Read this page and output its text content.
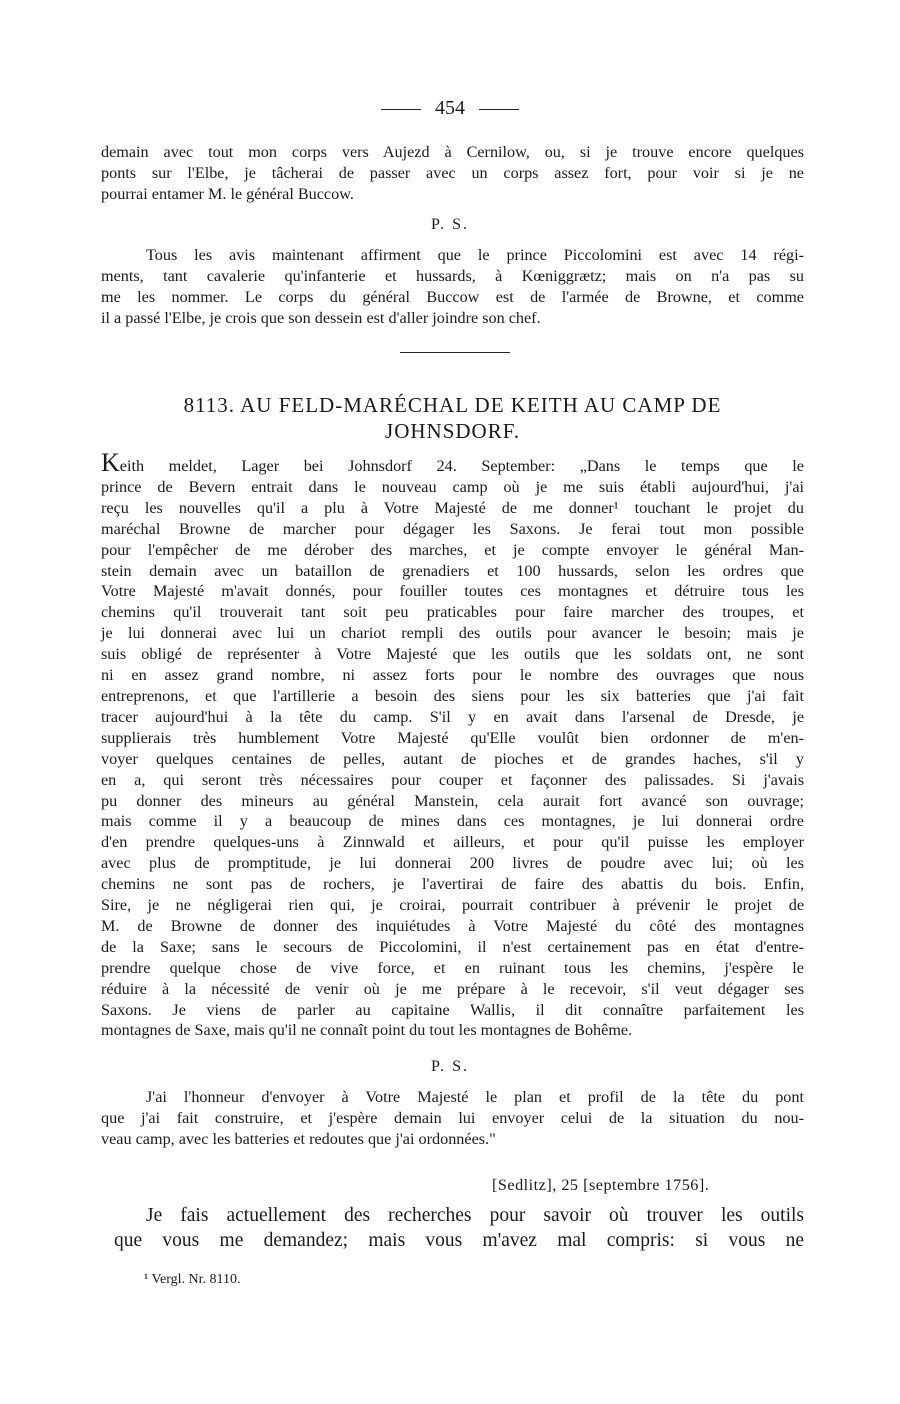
454
demain avec tout mon corps vers Aujezd à Cernilow, ou, si je trouve encore quelques
ponts sur l'Elbe, je tâcherai de passer avec un corps assez fort, pour voir si je ne
pourrai entamer M. le général Buccow.
P. S.
Tous les avis maintenant affirment que le prince Piccolomini est avec 14 régi-
ments, tant cavalerie qu'infanterie et hussards, à Kœniggrætz; mais on n'a pas su
me les nommer. Le corps du général Buccow est de l'armée de Browne, et comme
il a passé l'Elbe, je crois que son dessein est d'aller joindre son chef.
8113. AU FELD-MARÉCHAL DE KEITH AU CAMP DE
JOHNSDORF.
Keith meldet, Lager bei Johnsdorf 24. September: „Dans le temps que le
prince de Bevern entrait dans le nouveau camp où je me suis établi aujourd'hui, j'ai
reçu les nouvelles qu'il a plu à Votre Majesté de me donner¹ touchant le projet du
maréchal Browne de marcher pour dégager les Saxons. Je ferai tout mon possible
pour l'empêcher de me dérober des marches, et je compte envoyer le général Man-
stein demain avec un bataillon de grenadiers et 100 hussards, selon les ordres que
Votre Majesté m'avait donnés, pour fouiller toutes ces montagnes et détruire tous les
chemins qu'il trouverait tant soit peu praticables pour faire marcher des troupes, et
je lui donnerai avec lui un chariot rempli des outils pour avancer le besoin; mais je
suis obligé de représenter à Votre Majesté que les outils que les soldats ont, ne sont
ni en assez grand nombre, ni assez forts pour le nombre des ouvrages que nous
entreprenons, et que l'artillerie a besoin des siens pour les six batteries que j'ai fait
tracer aujourd'hui à la tête du camp. S'il y en avait dans l'arsenal de Dresde, je
supplierais très humblement Votre Majesté qu'Elle voulût bien ordonner de m'en-
voyer quelques centaines de pelles, autant de pioches et de grandes haches, s'il y
en a, qui seront très nécessaires pour couper et façonner des palissades. Si j'avais
pu donner des mineurs au général Manstein, cela aurait fort avancé son ouvrage;
mais comme il y a beaucoup de mines dans ces montagnes, je lui donnerai ordre
d'en prendre quelques-uns à Zinnwald et ailleurs, et pour qu'il puisse les employer
avec plus de promptitude, je lui donnerai 200 livres de poudre avec lui; où les
chemins ne sont pas de rochers, je l'avertirai de faire des abattis du bois. Enfin,
Sire, je ne négligerai rien qui, je croirai, pourrait contribuer à prévenir le projet de
M. de Browne de donner des inquiétudes à Votre Majesté du côté des montagnes
de la Saxe; sans le secours de Piccolomini, il n'est certainement pas en état d'entre-
prendre quelque chose de vive force, et en ruinant tous les chemins, j'espère le
réduire à la nécessité de venir où je me prépare à le recevoir, s'il veut dégager ses
Saxons. Je viens de parler au capitaine Wallis, il dit connaître parfaitement les
montagnes de Saxe, mais qu'il ne connaît point du tout les montagnes de Bohême.
P. S.
J'ai l'honneur d'envoyer à Votre Majesté le plan et profil de la tête du pont
que j'ai fait construire, et j'espère demain lui envoyer celui de la situation du nou-
veau camp, avec les batteries et redoutes que j'ai ordonnées."
[Sedlitz], 25 [septembre 1756].
Je fais actuellement des recherches pour savoir où trouver les outils
que vous me demandez; mais vous m'avez mal compris: si vous ne
¹ Vergl. Nr. 8110.
